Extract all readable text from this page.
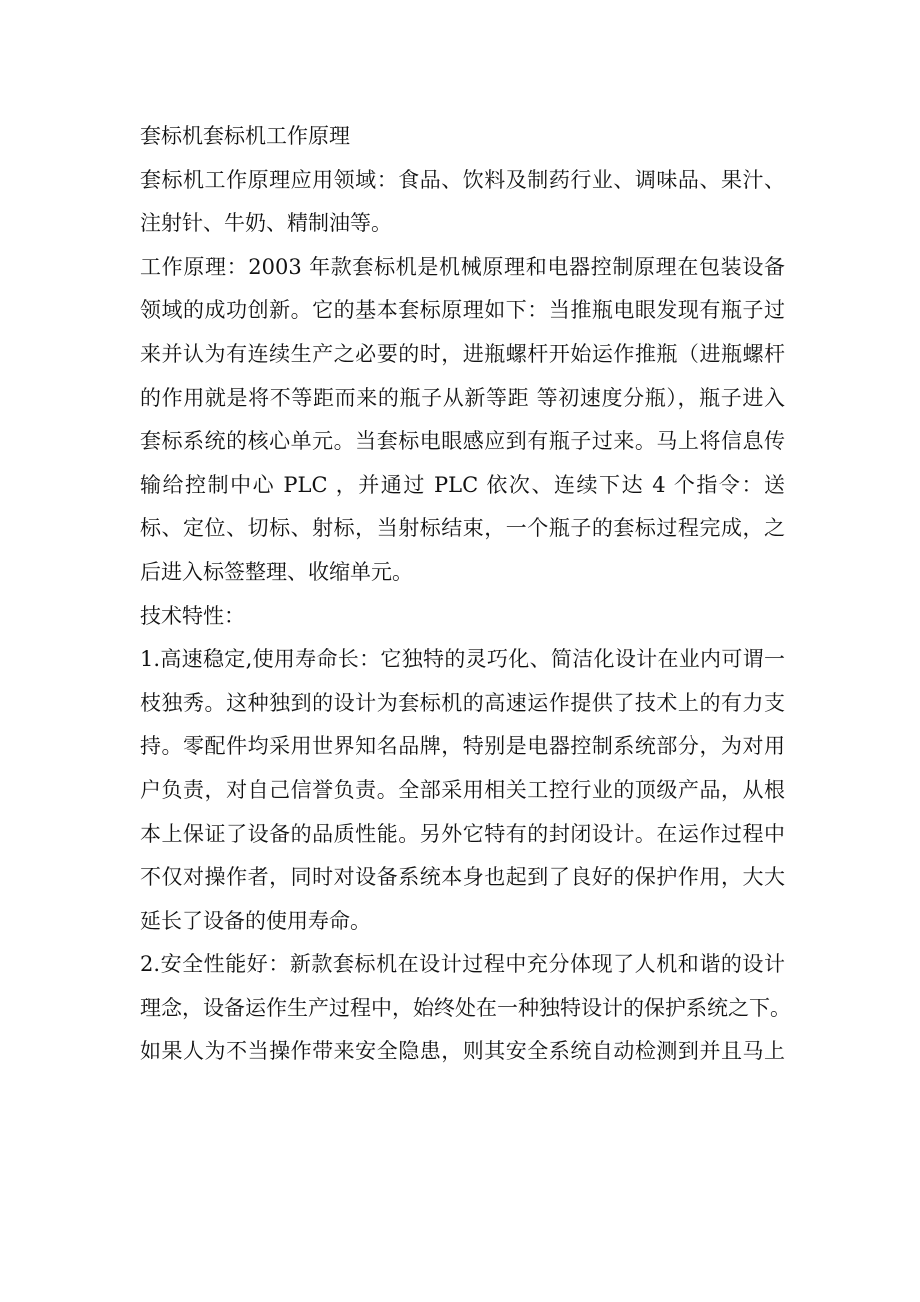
套标机套标机工作原理
套标机工作原理应用领域：食品、饮料及制药行业、调味品、果汁、
注射针、牛奶、精制油等。
工作原理：2003 年款套标机是机械原理和电器控制原理在包装设备
领域的成功创新。它的基本套标原理如下：当推瓶电眼发现有瓶子过
来并认为有连续生产之必要的时，进瓶螺杆开始运作推瓶（进瓶螺杆
的作用就是将不等距而来的瓶子从新等距 等初速度分瓶），瓶子进入
套标系统的核心单元。当套标电眼感应到有瓶子过来。马上将信息传
输给控制中心 PLC ，并通过 PLC 依次、连续下达 4 个指令：送
标、定位、切标、射标，当射标结束，一个瓶子的套标过程完成，之
后进入标签整理、收缩单元。
技术特性：
1.高速稳定,使用寿命长：它独特的灵巧化、简洁化设计在业内可谓一
枝独秀。这种独到的设计为套标机的高速运作提供了技术上的有力支
持。零配件均采用世界知名品牌，特别是电器控制系统部分，为对用
户负责，对自己信誉负责。全部采用相关工控行业的顶级产品，从根
本上保证了设备的品质性能。另外它特有的封闭设计。在运作过程中
不仅对操作者，同时对设备系统本身也起到了良好的保护作用，大大
延长了设备的使用寿命。
2.安全性能好：新款套标机在设计过程中充分体现了人机和谐的设计
理念，设备运作生产过程中，始终处在一种独特设计的保护系统之下。
如果人为不当操作带来安全隐患，则其安全系统自动检测到并且马上
